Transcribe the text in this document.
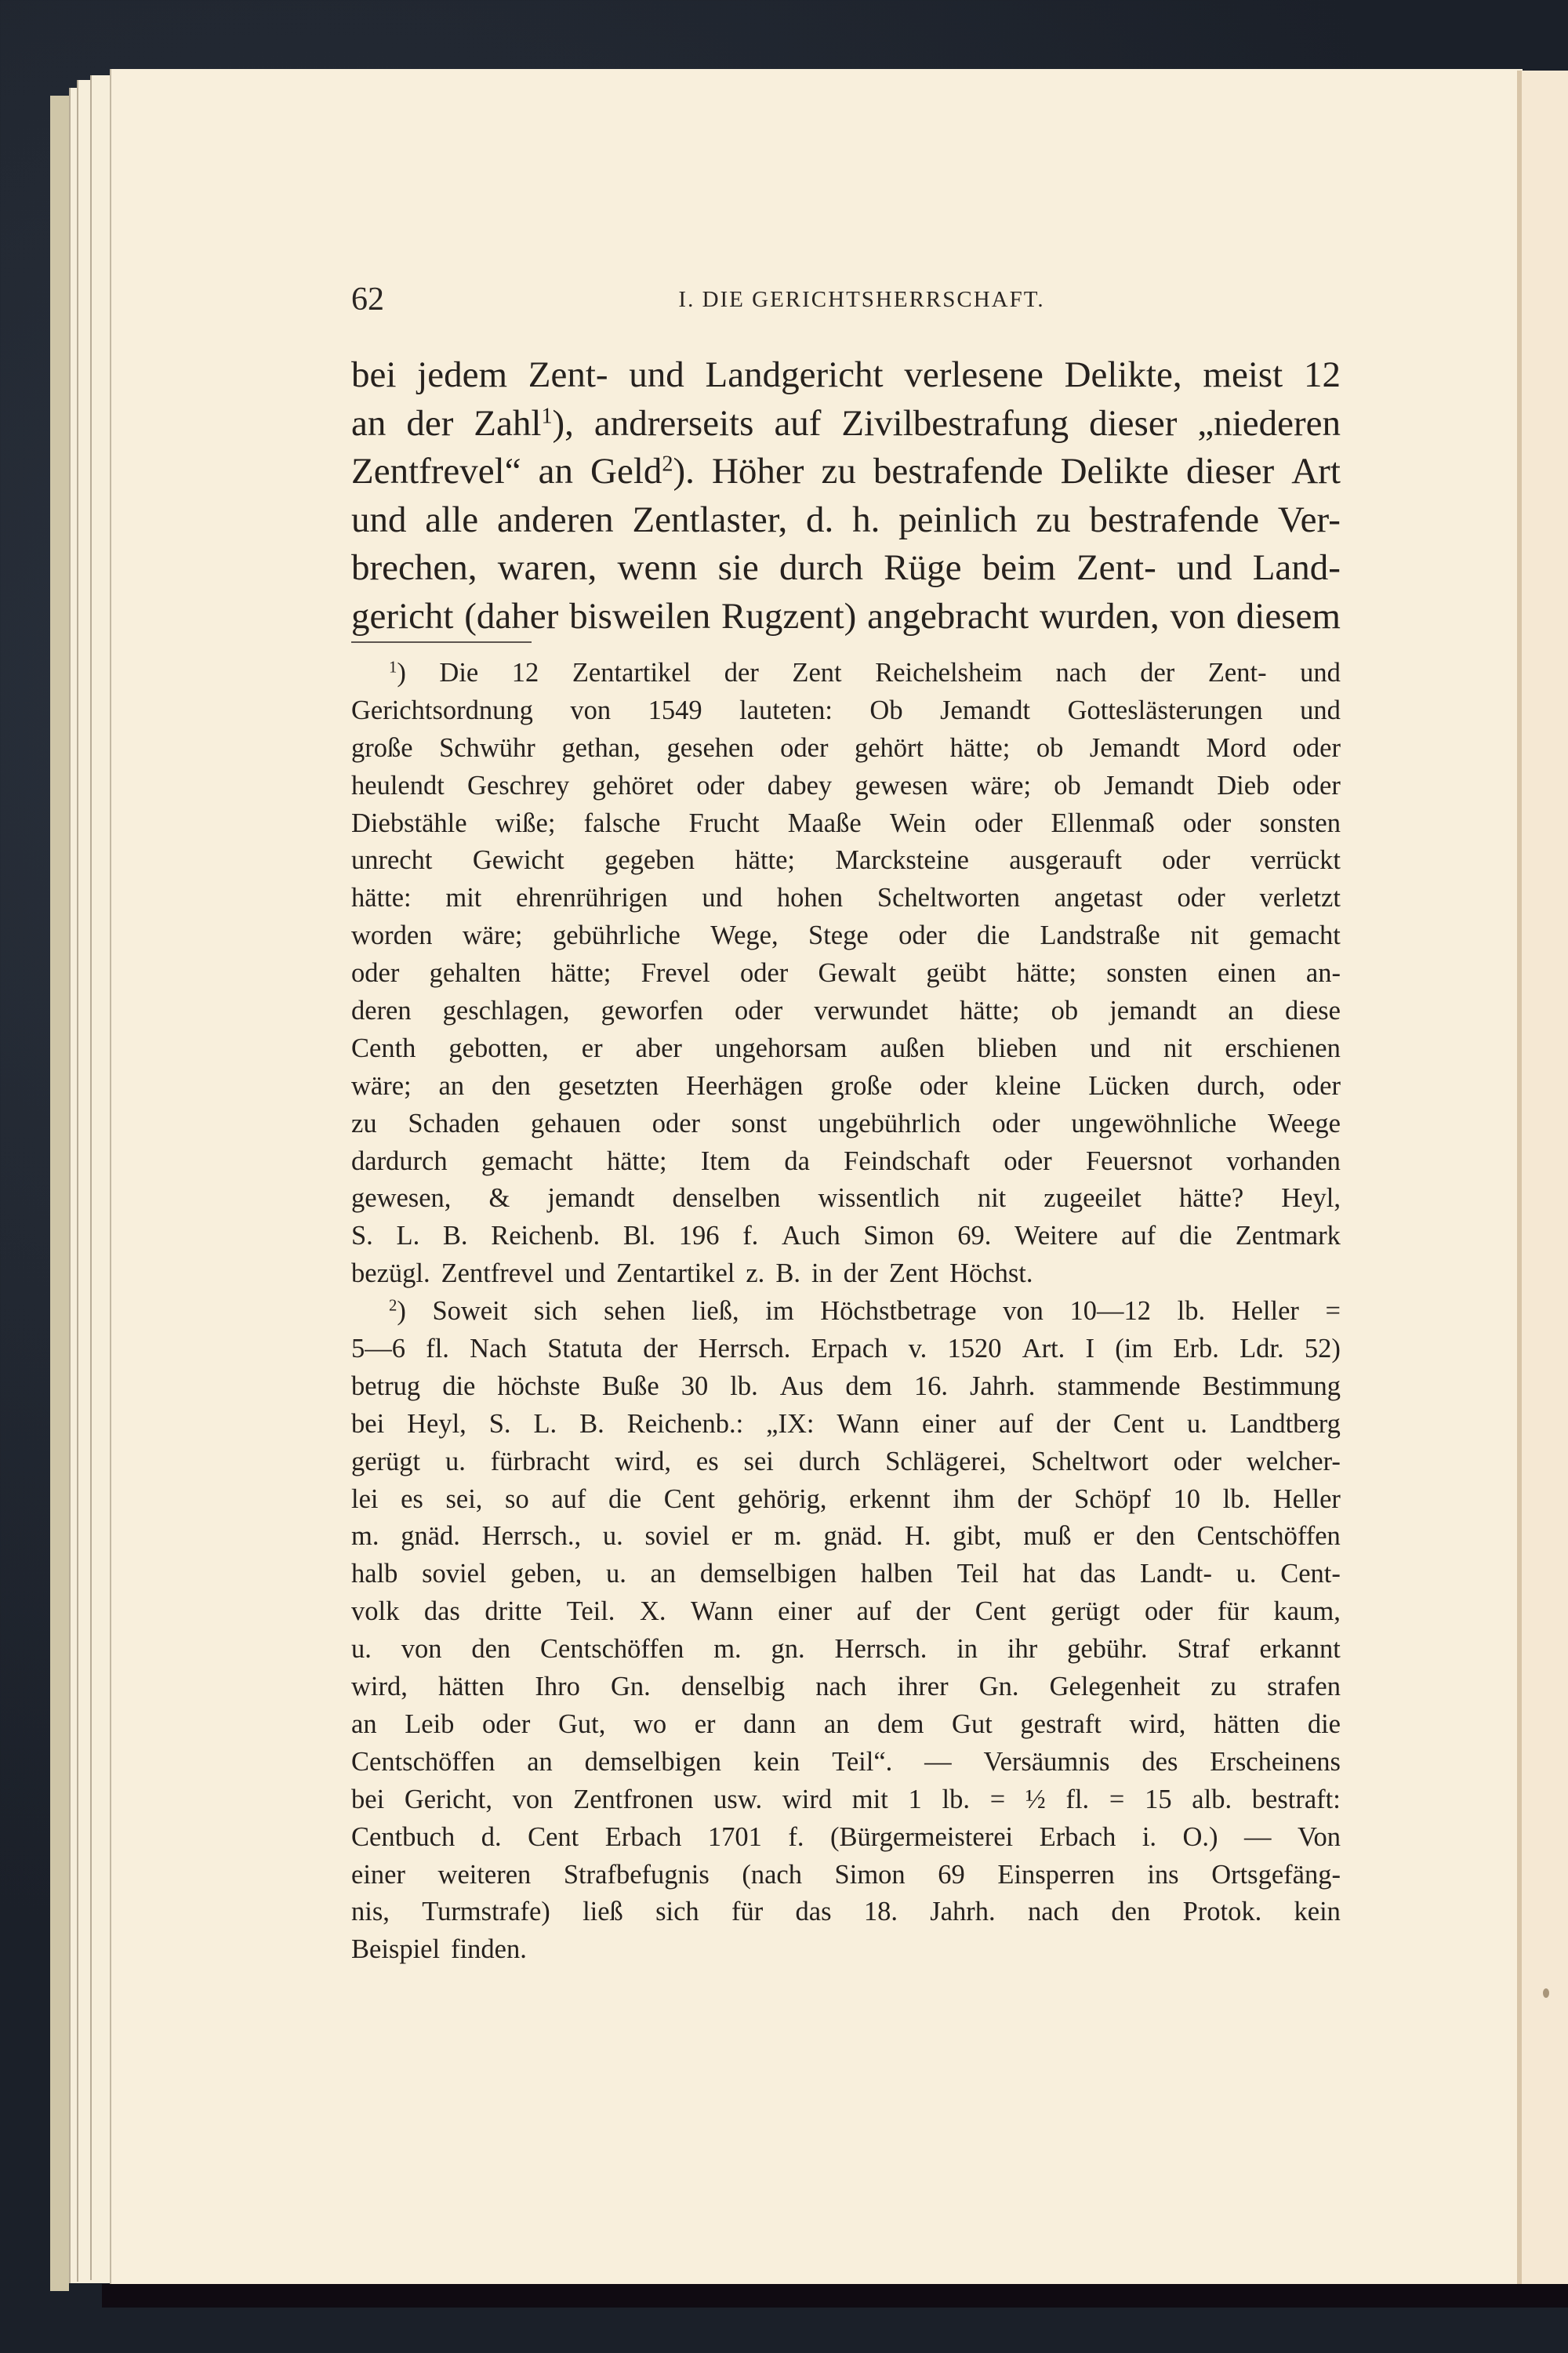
62	I. DIE GERICHTSHERRSCHAFT.
bei jedem Zent- und Landgericht verlesene Delikte, meist 12
an der Zahl$^1$), andrerseits auf Zivilbestrafung dieser „niederen
Zentfrevel“ an Geld$^2$). Höher zu bestrafende Delikte dieser Art
und alle anderen Zentlaster, d. h. peinlich zu bestrafende Ver-
brechen, waren, wenn sie durch Rüge beim Zent- und Land-
gericht (daher bisweilen Rugzent) angebracht wurden, von diesem
$^1$) Die 12 Zentartikel der Zent Reichelsheim nach der Zent- und
Gerichtsordnung von 1549 lauteten: Ob Jemandt Gotteslästerungen und
große Schwühr gethan, gesehen oder gehört hätte; ob Jemandt Mord oder
heulendt Geschrey gehöret oder dabey gewesen wäre; ob Jemandt Dieb oder
Diebstähle wiße; falsche Frucht Maaße Wein oder Ellenmaß oder sonsten
unrecht Gewicht gegeben hätte; Marcksteine ausgerauft oder verrückt
hätte: mit ehrenrührigen und hohen Scheltworten angetast oder verletzt
worden wäre; gebührliche Wege, Stege oder die Landstraße nit gemacht
oder gehalten hätte; Frevel oder Gewalt geübt hätte; sonsten einen an-
deren geschlagen, geworfen oder verwundet hätte; ob jemandt an diese
Centh gebotten, er aber ungehorsam außen blieben und nit erschienen
wäre; an den gesetzten Heerhägen große oder kleine Lücken durch, oder
zu Schaden gehauen oder sonst ungebührlich oder ungewöhnliche Weege
dardurch gemacht hätte; Item da Feindschaft oder Feuersnot vorhanden
gewesen, & jemandt denselben wissentlich nit zugeeilet hätte? Heyl,
S. L. B. Reichenb. Bl. 196 f. Auch Simon 69. Weitere auf die Zentmark
bezügl. Zentfrevel und Zentartikel z. B. in der Zent Höchst.
$^2$) Soweit sich sehen ließ, im Höchstbetrage von 10—12 lb. Heller =
5—6 fl. Nach Statuta der Herrsch. Erpach v. 1520 Art. I (im Erb. Ldr. 52)
betrug die höchste Buße 30 lb. Aus dem 16. Jahrh. stammende Bestimmung
bei Heyl, S. L. B. Reichenb.: „IX: Wann einer auf der Cent u. Landtberg
gerügt u. fürbracht wird, es sei durch Schlägerei, Scheltwort oder welcher-
lei es sei, so auf die Cent gehörig, erkennt ihm der Schöpf 10 lb. Heller
m. gnäd. Herrsch., u. soviel er m. gnäd. H. gibt, muß er den Centschöffen
halb soviel geben, u. an demselbigen halben Teil hat das Landt- u. Cent-
volk das dritte Teil. X. Wann einer auf der Cent gerügt oder für kaum,
u. von den Centschöffen m. gn. Herrsch. in ihr gebühr. Straf erkannt
wird, hätten Ihro Gn. denselbig nach ihrer Gn. Gelegenheit zu strafen
an Leib oder Gut, wo er dann an dem Gut gestraft wird, hätten die
Centschöffen an demselbigen kein Teil“. — Versäumnis des Erscheinens
bei Gericht, von Zentfronen usw. wird mit 1 lb. = ½ fl. = 15 alb. bestraft:
Centbuch d. Cent Erbach 1701 f. (Bürgermeisterei Erbach i. O.) — Von
einer weiteren Strafbefugnis (nach Simon 69 Einsperren ins Ortsgefäng-
nis, Turmstrafe) ließ sich für das 18. Jahrh. nach den Protok. kein
Beispiel finden.
